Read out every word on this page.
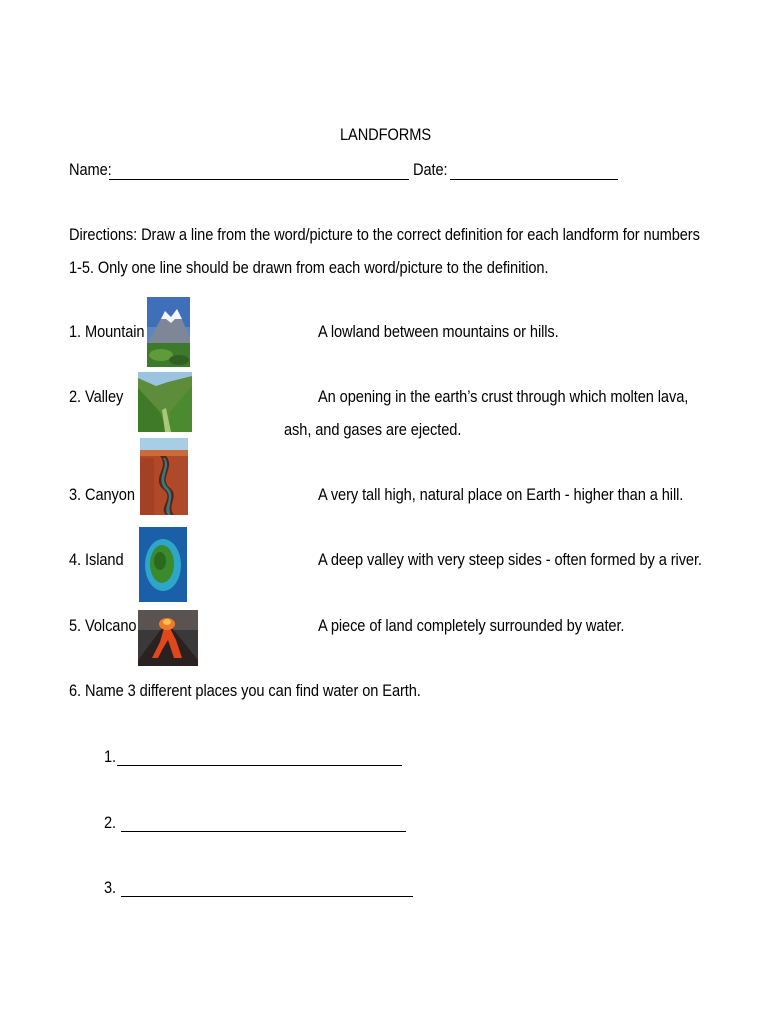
LANDFORMS
Name:	Date:
Directions: Draw a line from the word/picture to the correct definition for each landform for numbers
1-5. Only one line should be drawn from each word/picture to the definition.
1. Mountain	A lowland between mountains or hills.
2. Valley	An opening in the earth’s crust through which molten lava,
ash, and gases are ejected.
3. Canyon	A very tall high, natural place on Earth - higher than a hill.
4. Island	A deep valley with very steep sides - often formed by a river.
5. Volcano	A piece of land completely surrounded by water.
6. Name 3 different places you can find water on Earth.
1.
2.
3.
